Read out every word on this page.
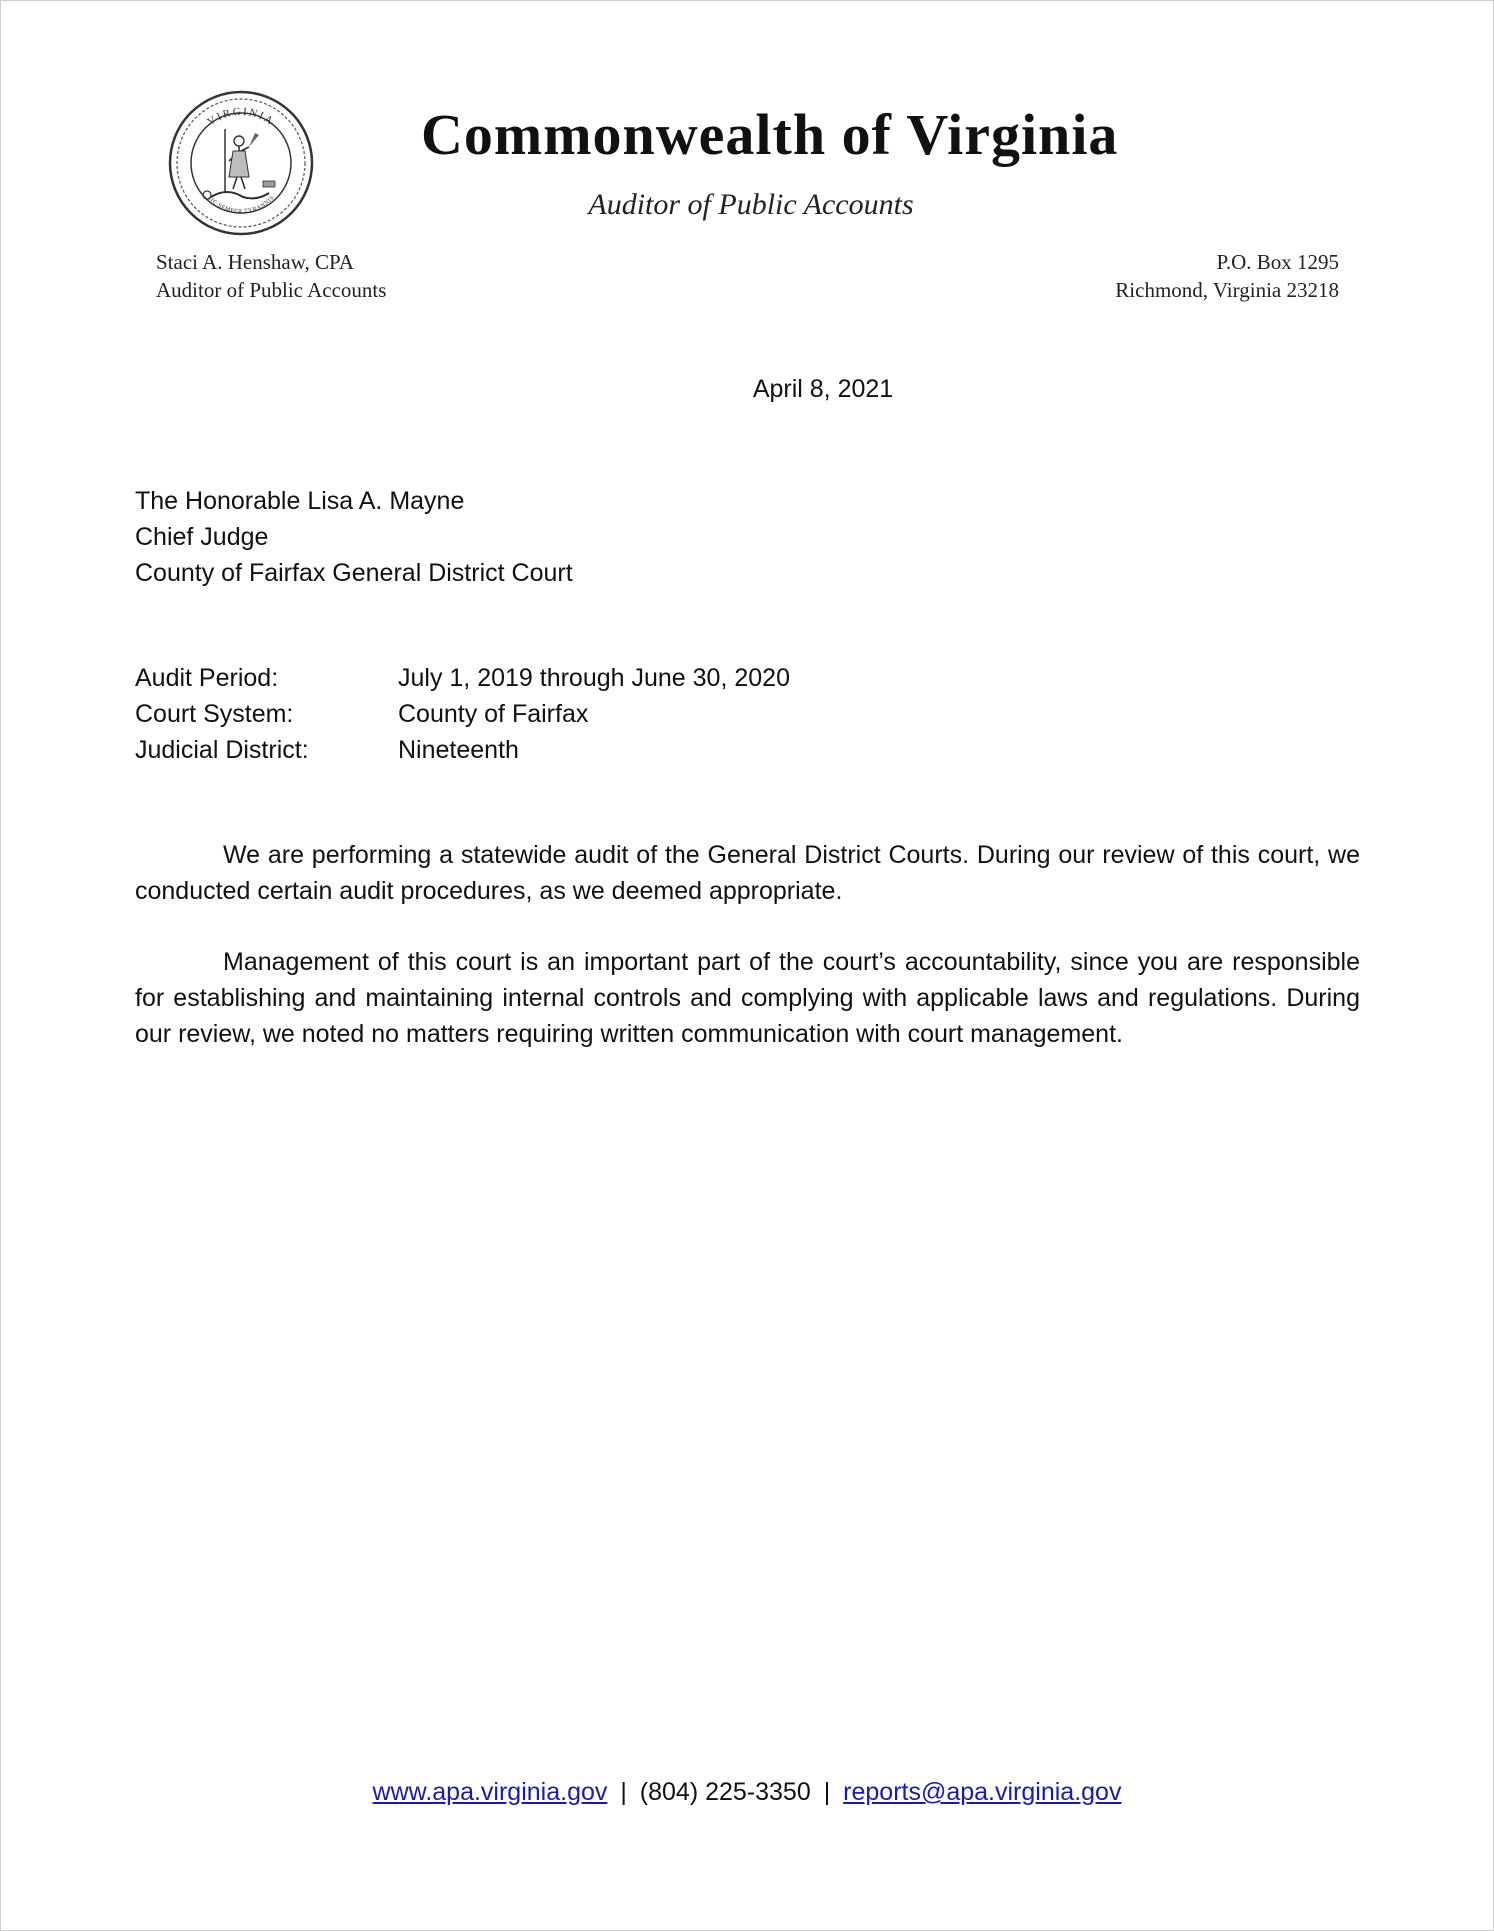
VIRGINIA
SIC SEMPER TYRANNIS
Commonwealth of Virginia
Auditor of Public Accounts
Staci A. Henshaw, CPA
Auditor of Public Accounts
P.O. Box 1295
Richmond, Virginia 23218
April 8, 2021
The Honorable Lisa A. Mayne
Chief Judge
County of Fairfax General District Court
Audit Period:	July 1, 2019 through June 30, 2020
Court System:	County of Fairfax
Judicial District:	Nineteenth

We are performing a statewide audit of the General District Courts. During our review of this court, we conducted certain audit procedures, as we deemed appropriate.

Management of this court is an important part of the court’s accountability, since you are responsible for establishing and maintaining internal controls and complying with applicable laws and regulations. During our review, we noted no matters requiring written communication with court management.

www.apa.virginia.gov | (804) 225-3350 | reports@apa.virginia.gov
